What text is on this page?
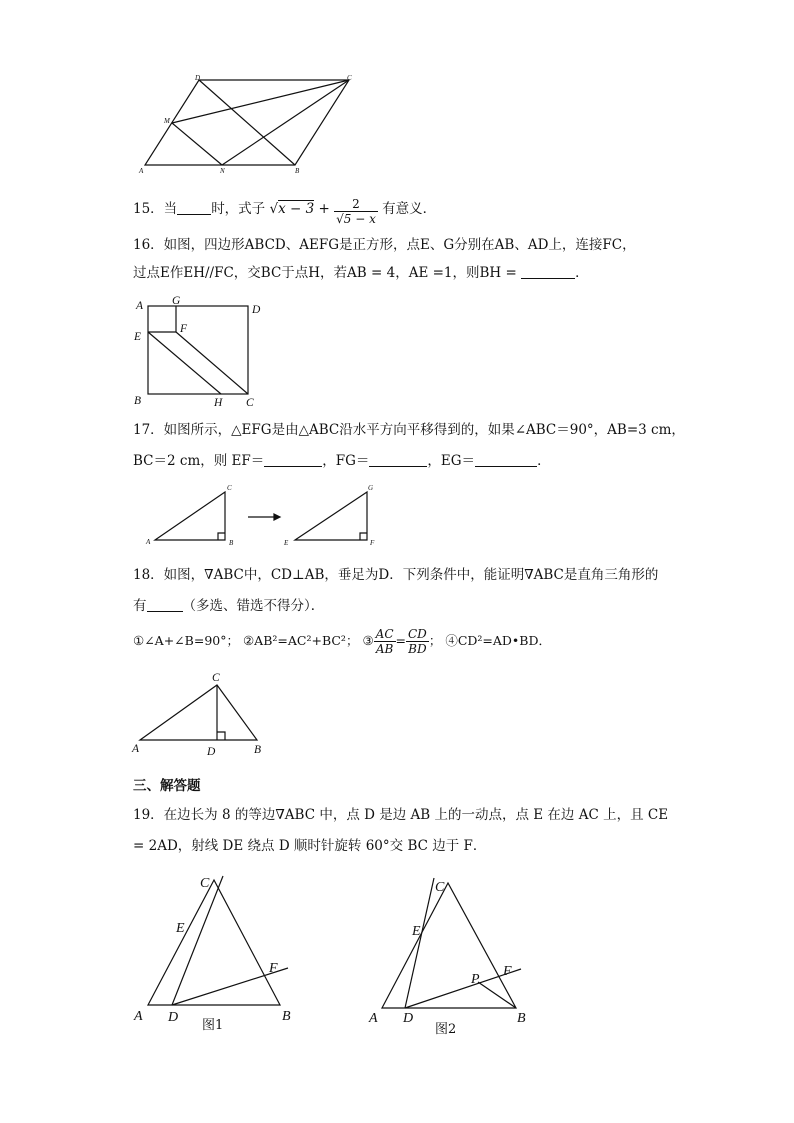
D	C
M
A	N	B
15．当	时，式子 $√x - 3 + \frac{2}{√5 - x}$ 有意义．
16．如图，四边形ABCD、AEFG是正方形，点E、G分别在AB、AD上，连接FC，
过点E作EH//FC，交BC于点H，若AB = 4，AE =1，则BH =	．
A	G
D
E
F
B	H C
17．如图所示，△EFG是由△ABC沿水平方向平移得到的，如果∠ABC＝90°，AB=3 cm，
BC＝2 cm，则 EF＝	，FG＝	，EG＝	．
C
A	B
G
E	F
18．如图，∇ABC中，CD⊥AB，垂足为D．下列条件中，能证明∇ABC是直角三角形的
有	（多选、错选不得分）．
①∠A+∠B=90°； ②AB²=AC²+BC²； ③ $\frac{AC}{AB} = \frac{CD}{BD}$ ； ④CD²=AD•BD．
C
A	D	B
三、解答题
19．在边长为 8 的等边∇ABC 中，点 D 是边 AB 上的一动点，点 E 在边 AC 上，且 CE
= 2AD，射线 DE 绕点 D 顺时针旋转 60°交 BC 边于 F．
C
E
F
A D	B
图1
C
E
P
F
A D	B
图2
